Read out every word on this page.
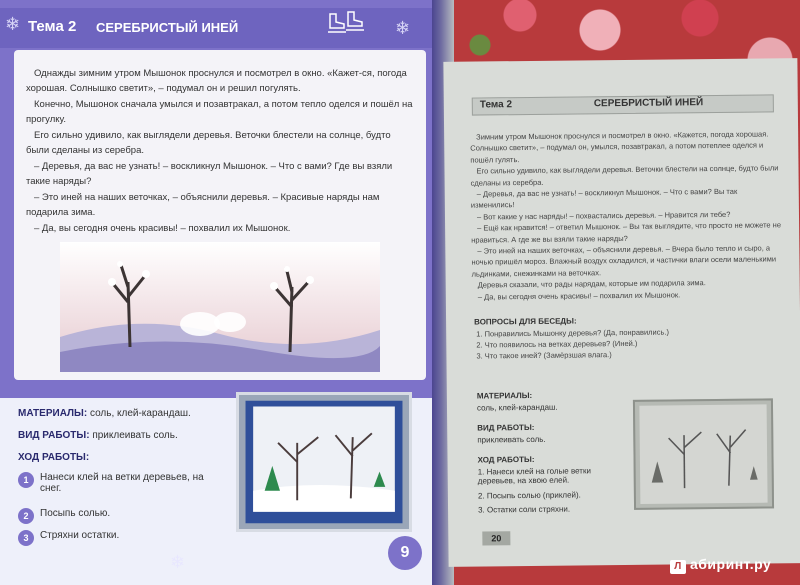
Тема 2 СЕРЕБРИСТЫЙ ИНЕЙ	❄
❄

Однажды зимним утром Мышонок проснулся и посмотрел в окно. «Кажет-ся, погода хорошая. Солнышко светит», – подумал он и решил погулять.

Конечно, Мышонок сначала умылся и позавтракал, а потом тепло оделся и пошёл на прогулку.

Его сильно удивило, как выглядели деревья. Веточки блестели на солнце, будто были сделаны из серебра.

– Деревья, да вас не узнать! – воскликнул Мышонок. – Что с вами? Где вы взяли такие наряды?

– Это иней на наших веточках, – объяснили деревья. – Красивые наряды нам подарила зима.

– Да, вы сегодня очень красивы! – похвалил их Мышонок.

МАТЕРИАЛЫ: соль, клей-карандаш.
ВИД РАБОТЫ: приклеивать соль.
ХОД РАБОТЫ:
1	Нанеси клей на ветки деревьев, на снег.
2	Посыпь солью.
3	Стряхни остатки.
9
❄
Тема 2	СЕРЕБРИСТЫЙ ИНЕЙ

Зимним утром Мышонок проснулся и посмотрел в окно. «Кажется, погода хорошая. Солнышко светит», – подумал он, умылся, позавтракал, а потом потеплее оделся и пошёл гулять.

Его сильно удивило, как выглядели деревья. Веточки блестели на солнце, будто были сделаны из серебра.

– Деревья, да вас не узнать! – воскликнул Мышонок. – Что с вами? Вы так изменились!

– Вот какие у нас наряды! – похвастались деревья. – Нравится ли тебе?

– Ещё как нравится! – ответил Мышонок. – Вы так выглядите, что просто не можете не нравиться. А где же вы взяли такие наряды?

– Это иней на наших веточках, – объяснили деревья. – Вчера было тепло и сыро, а ночью пришёл мороз. Влажный воздух охладился, и частички влаги осели маленькими льдинками, снежинками на веточках.

Деревья сказали, что рады нарядам, которые им подарила зима.

– Да, вы сегодня очень красивы! – похвалил их Мышонок.

ВОПРОСЫ ДЛЯ БЕСЕДЫ:
1. Понравились Мышонку деревья? (Да, понравились.)
2. Что появилось на ветках деревьев? (Иней.)
3. Что такое иней? (Замёрзшая влага.)
МАТЕРИАЛЫ:
соль, клей-карандаш.
ВИД РАБОТЫ:
приклеивать соль.
ХОД РАБОТЫ:
1. Нанеси клей на голые ветки деревьев, на хвою елей.
2. Посыпь солью (приклей).
3. Остатки соли стряхни.
20
Л абиринт.ру
